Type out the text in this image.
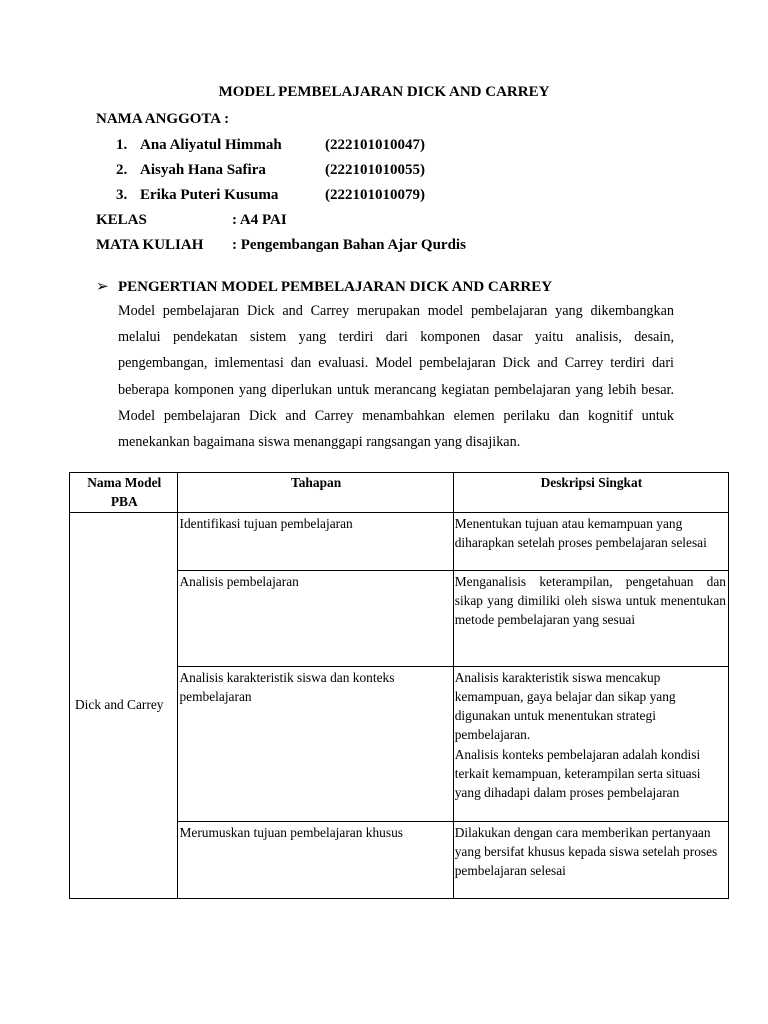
MODEL PEMBELAJARAN DICK AND CARREY
NAMA ANGGOTA :
1. Ana Aliyatul Himmah	(222101010047)
2. Aisyah Hana Safira	(222101010055)
3. Erika Puteri Kusuma	(222101010079)
KELAS	: A4 PAI
MATA KULIAH : Pengembangan Bahan Ajar Qurdis
➢ PENGERTIAN MODEL PEMBELAJARAN DICK AND CARREY
Model pembelajaran Dick and Carrey merupakan model pembelajaran yang dikembangkan melalui pendekatan sistem yang terdiri dari komponen dasar yaitu analisis, desain, pengembangan, imlementasi dan evaluasi. Model pembelajaran Dick and Carrey terdiri dari beberapa komponen yang diperlukan untuk merancang kegiatan pembelajaran yang lebih besar. Model pembelajaran Dick and Carrey menambahkan elemen perilaku dan kognitif untuk menekankan bagaimana siswa menanggapi rangsangan yang disajikan.
Nama Model PBA	Tahapan	Deskripsi Singkat
Dick and Carrey	Identifikasi tujuan pembelajaran	Menentukan tujuan atau kemampuan yang diharapkan setelah proses pembelajaran selesai
	Analisis pembelajaran	Menganalisis keterampilan, pengetahuan dan sikap yang dimiliki oleh siswa untuk menentukan metode pembelajaran yang sesuai
	Analisis karakteristik siswa dan konteks pembelajaran	Analisis karakteristik siswa mencakup kemampuan, gaya belajar dan sikap yang digunakan untuk menentukan strategi pembelajaran.
Analisis konteks pembelajaran adalah kondisi terkait kemampuan, keterampilan serta situasi yang dihadapi dalam proses pembelajaran

	Merumuskan tujuan pembelajaran khusus	Dilakukan dengan cara memberikan pertanyaan yang bersifat khusus kepada siswa setelah proses pembelajaran selesai
